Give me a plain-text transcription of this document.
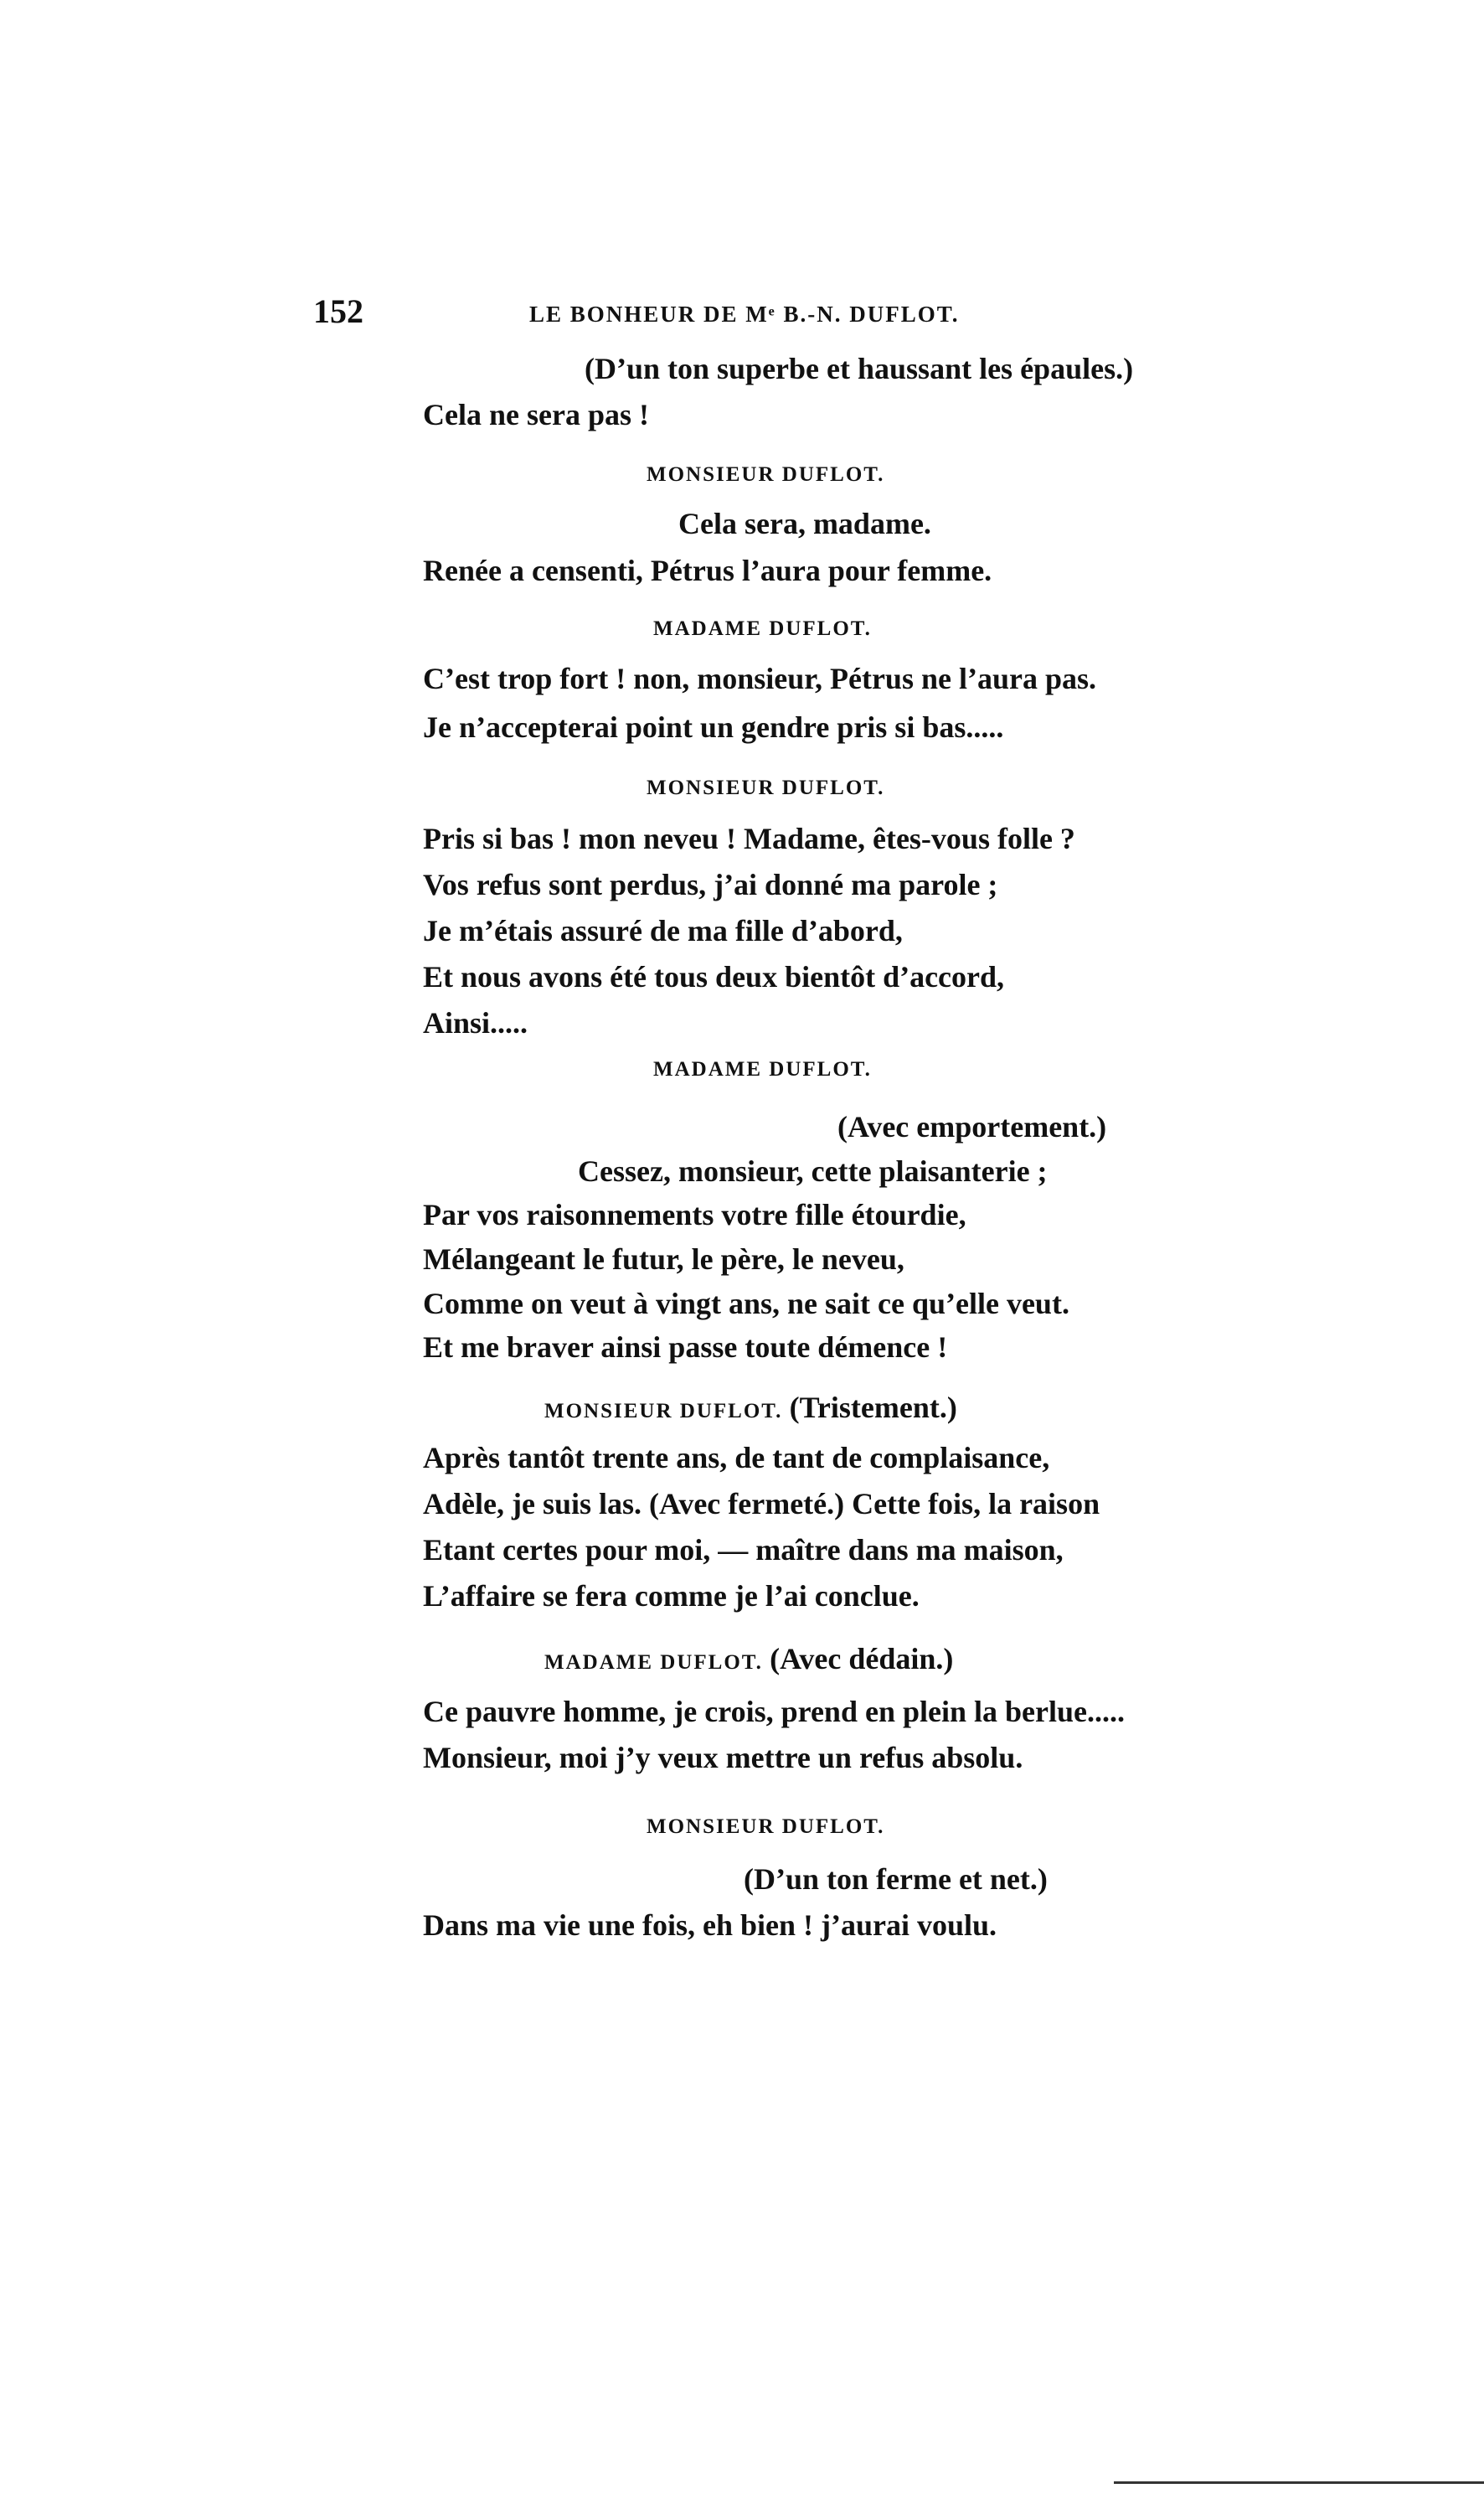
152	LE BONHEUR DE Mᵉ B.-N. DUFLOT.
(D’un ton superbe et haussant les épaules.)
Cela ne sera pas !
MONSIEUR DUFLOT.
Cela sera, madame.
Renée a censenti, Pétrus l’aura pour femme.
MADAME DUFLOT.
C’est trop fort ! non, monsieur, Pétrus ne l’aura pas.
Je n’accepterai point un gendre pris si bas.....
MONSIEUR DUFLOT.
Pris si bas ! mon neveu ! Madame, êtes-vous folle ?
Vos refus sont perdus, j’ai donné ma parole ;
Je m’étais assuré de ma fille d’abord,
Et nous avons été tous deux bientôt d’accord,
Ainsi.....
MADAME DUFLOT.
(Avec emportement.)
Cessez, monsieur, cette plaisanterie ;
Par vos raisonnements votre fille étourdie,
Mélangeant le futur, le père, le neveu,
Comme on veut à vingt ans, ne sait ce qu’elle veut.
Et me braver ainsi passe toute démence !
MONSIEUR DUFLOT. (Tristement.)
Après tantôt trente ans, de tant de complaisance,
Adèle, je suis las. (Avec fermeté.) Cette fois, la raison
Etant certes pour moi, — maître dans ma maison,
L’affaire se fera comme je l’ai conclue.
MADAME DUFLOT. (Avec dédain.)
Ce pauvre homme, je crois, prend en plein la berlue.....
Monsieur, moi j’y veux mettre un refus absolu.
MONSIEUR DUFLOT.
(D’un ton ferme et net.)
Dans ma vie une fois, eh bien ! j’aurai voulu.
